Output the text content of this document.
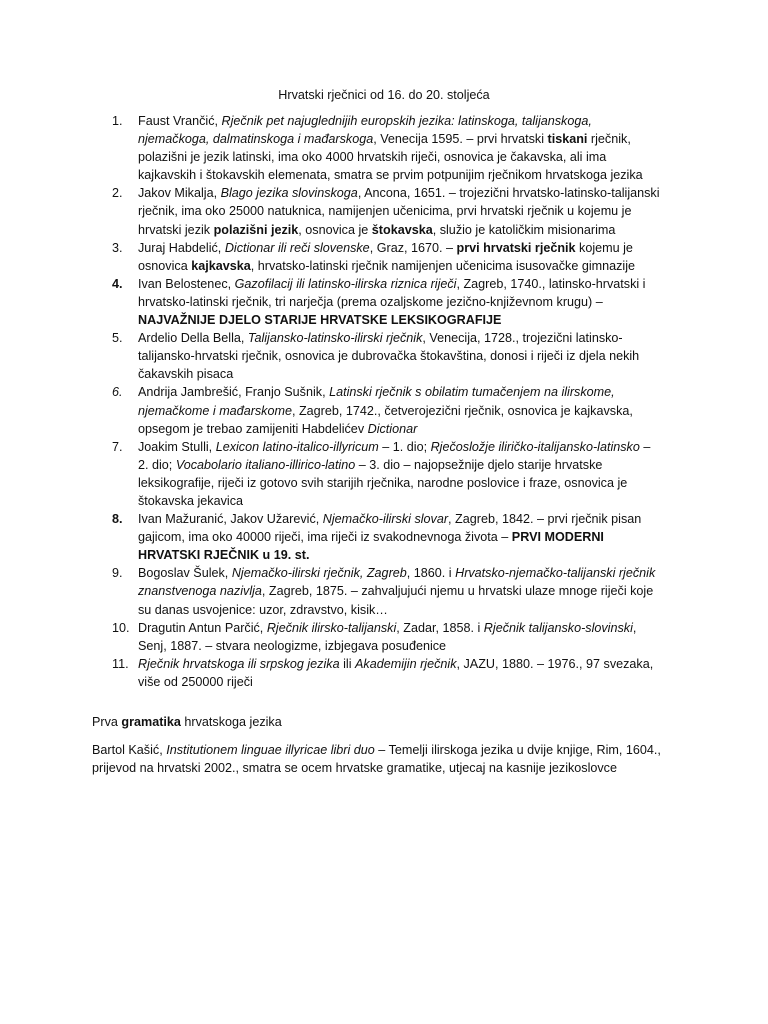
Hrvatski rječnici od 16. do 20. stoljeća
1.	Faust Vrančić, Rječnik pet najuglednijih europskih jezika: latinskoga, talijanskoga, njemačkoga, dalmatinskoga i mađarskoga, Venecija 1595. – prvi hrvatski tiskani rječnik, polazišni je jezik latinski, ima oko 4000 hrvatskih riječi, osnovica je čakavska, ali ima kajkavskih i štokavskih elemenata, smatra se prvim potpunijim rječnikom hrvatskoga jezika
2.	Jakov Mikalja, Blago jezika slovinskoga, Ancona, 1651. – trojezični hrvatsko-latinsko-talijanski rječnik, ima oko 25000 natuknica, namijenjen učenicima, prvi hrvatski rječnik u kojemu je hrvatski jezik polazišni jezik, osnovica je štokavska, služio je katoličkim misionarima
3.	Juraj Habdelić, Dictionar ili reči slovenske, Graz, 1670. – prvi hrvatski rječnik kojemu je osnovica kajkavska, hrvatsko-latinski rječnik namijenjen učenicima isusovačke gimnazije
4.	Ivan Belostenec, Gazofilacij ili latinsko-ilirska riznica riječi, Zagreb, 1740., latinsko-hrvatski i hrvatsko-latinski rječnik, tri narječja (prema ozaljskome jezično-književnom krugu) – NAJVAŽNIJE DJELO STARIJE HRVATSKE LEKSIKOGRAFIJE
5.	Ardelio Della Bella, Talijansko-latinsko-ilirski rječnik, Venecija, 1728., trojezični latinsko-talijansko-hrvatski rječnik, osnovica je dubrovačka štokavština, donosi i riječi iz djela nekih čakavskih pisaca
6.	Andrija Jambrešić, Franjo Sušnik, Latinski rječnik s obilatim tumačenjem na ilirskome, njemačkome i mađarskome, Zagreb, 1742., četverojezični rječnik, osnovica je kajkavska, opsegom je trebao zamijeniti Habdelićev Dictionar
7.	Joakim Stulli, Lexicon latino-italico-illyricum – 1. dio; Rječosložje iliričko-italijansko-latinsko – 2. dio; Vocabolario italiano-illirico-latino – 3. dio – najopsežnije djelo starije hrvatske leksikografije, riječi iz gotovo svih starijih rječnika, narodne poslovice i fraze, osnovica je štokavska jekavica
8.	Ivan Mažuranić, Jakov Užarević, Njemačko-ilirski slovar, Zagreb, 1842. – prvi rječnik pisan gajicom, ima oko 40000 riječi, ima riječi iz svakodnevnoga života – PRVI MODERNI HRVATSKI RJEČNIK u 19. st.
9.	Bogoslav Šulek, Njemačko-ilirski rječnik, Zagreb, 1860. i Hrvatsko-njemačko-talijanski rječnik znanstvenoga nazivlja, Zagreb, 1875. – zahvaljujući njemu u hrvatski ulaze mnoge riječi koje su danas usvojenice: uzor, zdravstvo, kisik…
10. Dragutin Antun Parčić, Rječnik ilirsko-talijanski, Zadar, 1858. i Rječnik talijansko-slovinski, Senj, 1887. – stvara neologizme, izbjegava posuđenice
11. Rječnik hrvatskoga ili srpskog jezika ili Akademijin rječnik, JAZU, 1880. – 1976., 97 svezaka, više od 250000 riječi
Prva gramatika hrvatskoga jezika
Bartol Kašić, Institutionem linguae illyricae libri duo – Temelji ilirskoga jezika u dvije knjige, Rim, 1604., prijevod na hrvatski 2002., smatra se ocem hrvatske gramatike, utjecaj na kasnije jezikoslovce
